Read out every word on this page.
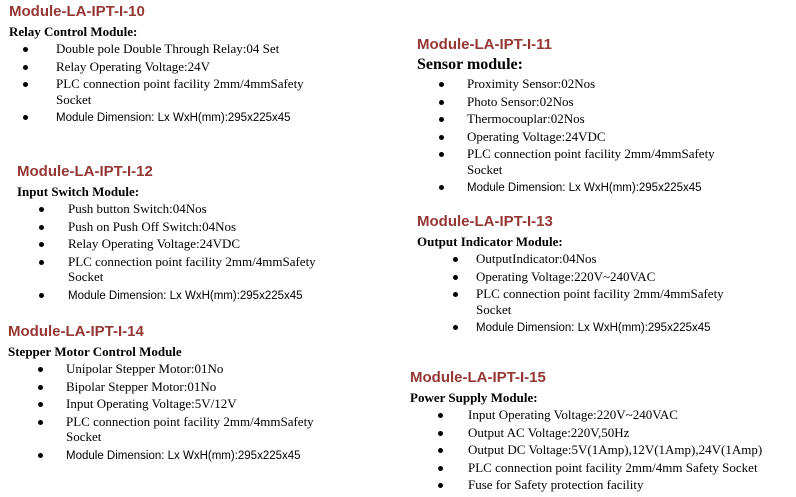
Module-LA-IPT-I-10
Relay Control Module:
Double pole Double Through Relay:04 Set
Relay Operating Voltage:24V
PLC connection point facility 2mm/4mmSafety
Socket
Module Dimension: Lx WxH(mm):295x225x45
Module-LA-IPT-I-11
Sensor module:
Proximity Sensor:02Nos
Photo Sensor:02Nos
Thermocouplar:02Nos
Operating Voltage:24VDC
PLC connection point facility 2mm/4mmSafety
Socket
Module Dimension: Lx WxH(mm):295x225x45
Module-LA-IPT-I-12
Input Switch Module:
Push button Switch:04Nos
Push on Push Off Switch:04Nos
Relay Operating Voltage:24VDC
PLC connection point facility 2mm/4mmSafety
Socket
Module Dimension: Lx WxH(mm):295x225x45
Module-LA-IPT-I-13
Output Indicator Module:
OutputIndicator:04Nos
Operating Voltage:220V~240VAC
PLC connection point facility 2mm/4mmSafety
Socket
Module Dimension: Lx WxH(mm):295x225x45
Module-LA-IPT-I-14
Stepper Motor Control Module
Unipolar Stepper Motor:01No
Bipolar Stepper Motor:01No
Input Operating Voltage:5V/12V
PLC connection point facility 2mm/4mmSafety
Socket
Module Dimension: Lx WxH(mm):295x225x45
Module-LA-IPT-I-15
Power Supply Module:
Input Operating Voltage:220V~240VAC
Output AC Voltage:220V,50Hz
Output DC Voltage:5V(1Amp),12V(1Amp),24V(1Amp)
PLC connection point facility 2mm/4mm Safety Socket
Fuse for Safety protection facility
